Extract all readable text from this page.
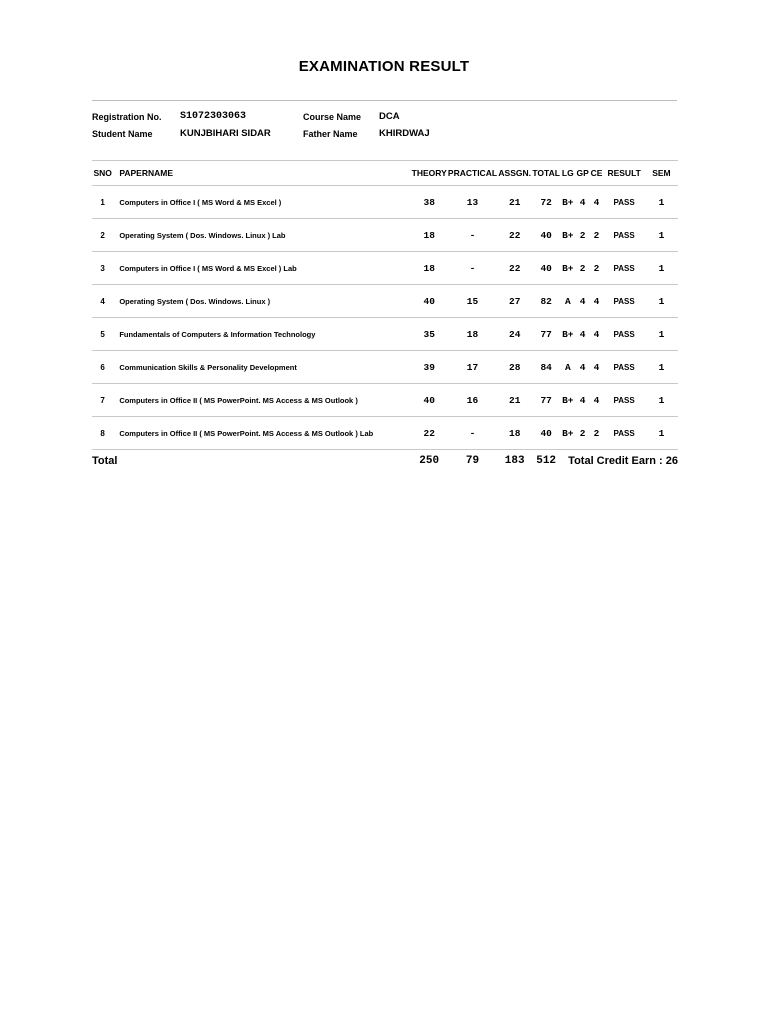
EXAMINATION RESULT
Registration No. S1072303063	Course Name DCA
Student Name	KUNJBIHARI SIDAR	Father Name KHIRDWAJ
SNO	PAPERNAME	THEORY	PRACTICAL	ASSGN.	TOTAL	LG	GP	CE	RESULT	SEM
1	Computers in Office I ( MS Word & MS Excel )	38	13	21	72	B+	4	4	PASS	1
2	Operating System ( Dos. Windows. Linux ) Lab	18	-	22	40	B+	2	2	PASS	1
3	Computers in Office I ( MS Word & MS Excel ) Lab	18	-	22	40	B+	2	2	PASS	1
4	Operating System ( Dos. Windows. Linux )	40	15	27	82	A	4	4	PASS	1
5	Fundamentals of Computers & Information Technology	35	18	24	77	B+	4	4	PASS	1
6	Communication Skills & Personality Development	39	17	28	84	A	4	4	PASS	1
7	Computers in Office II ( MS PowerPoint. MS Access & MS Outlook )	40	16	21	77	B+	4	4	PASS	1
8	Computers in Office II ( MS PowerPoint. MS Access & MS Outlook ) Lab	22	-	18	40	B+	2	2	PASS	1
Total		250	79	183	512	Total Credit Earn : 26				
